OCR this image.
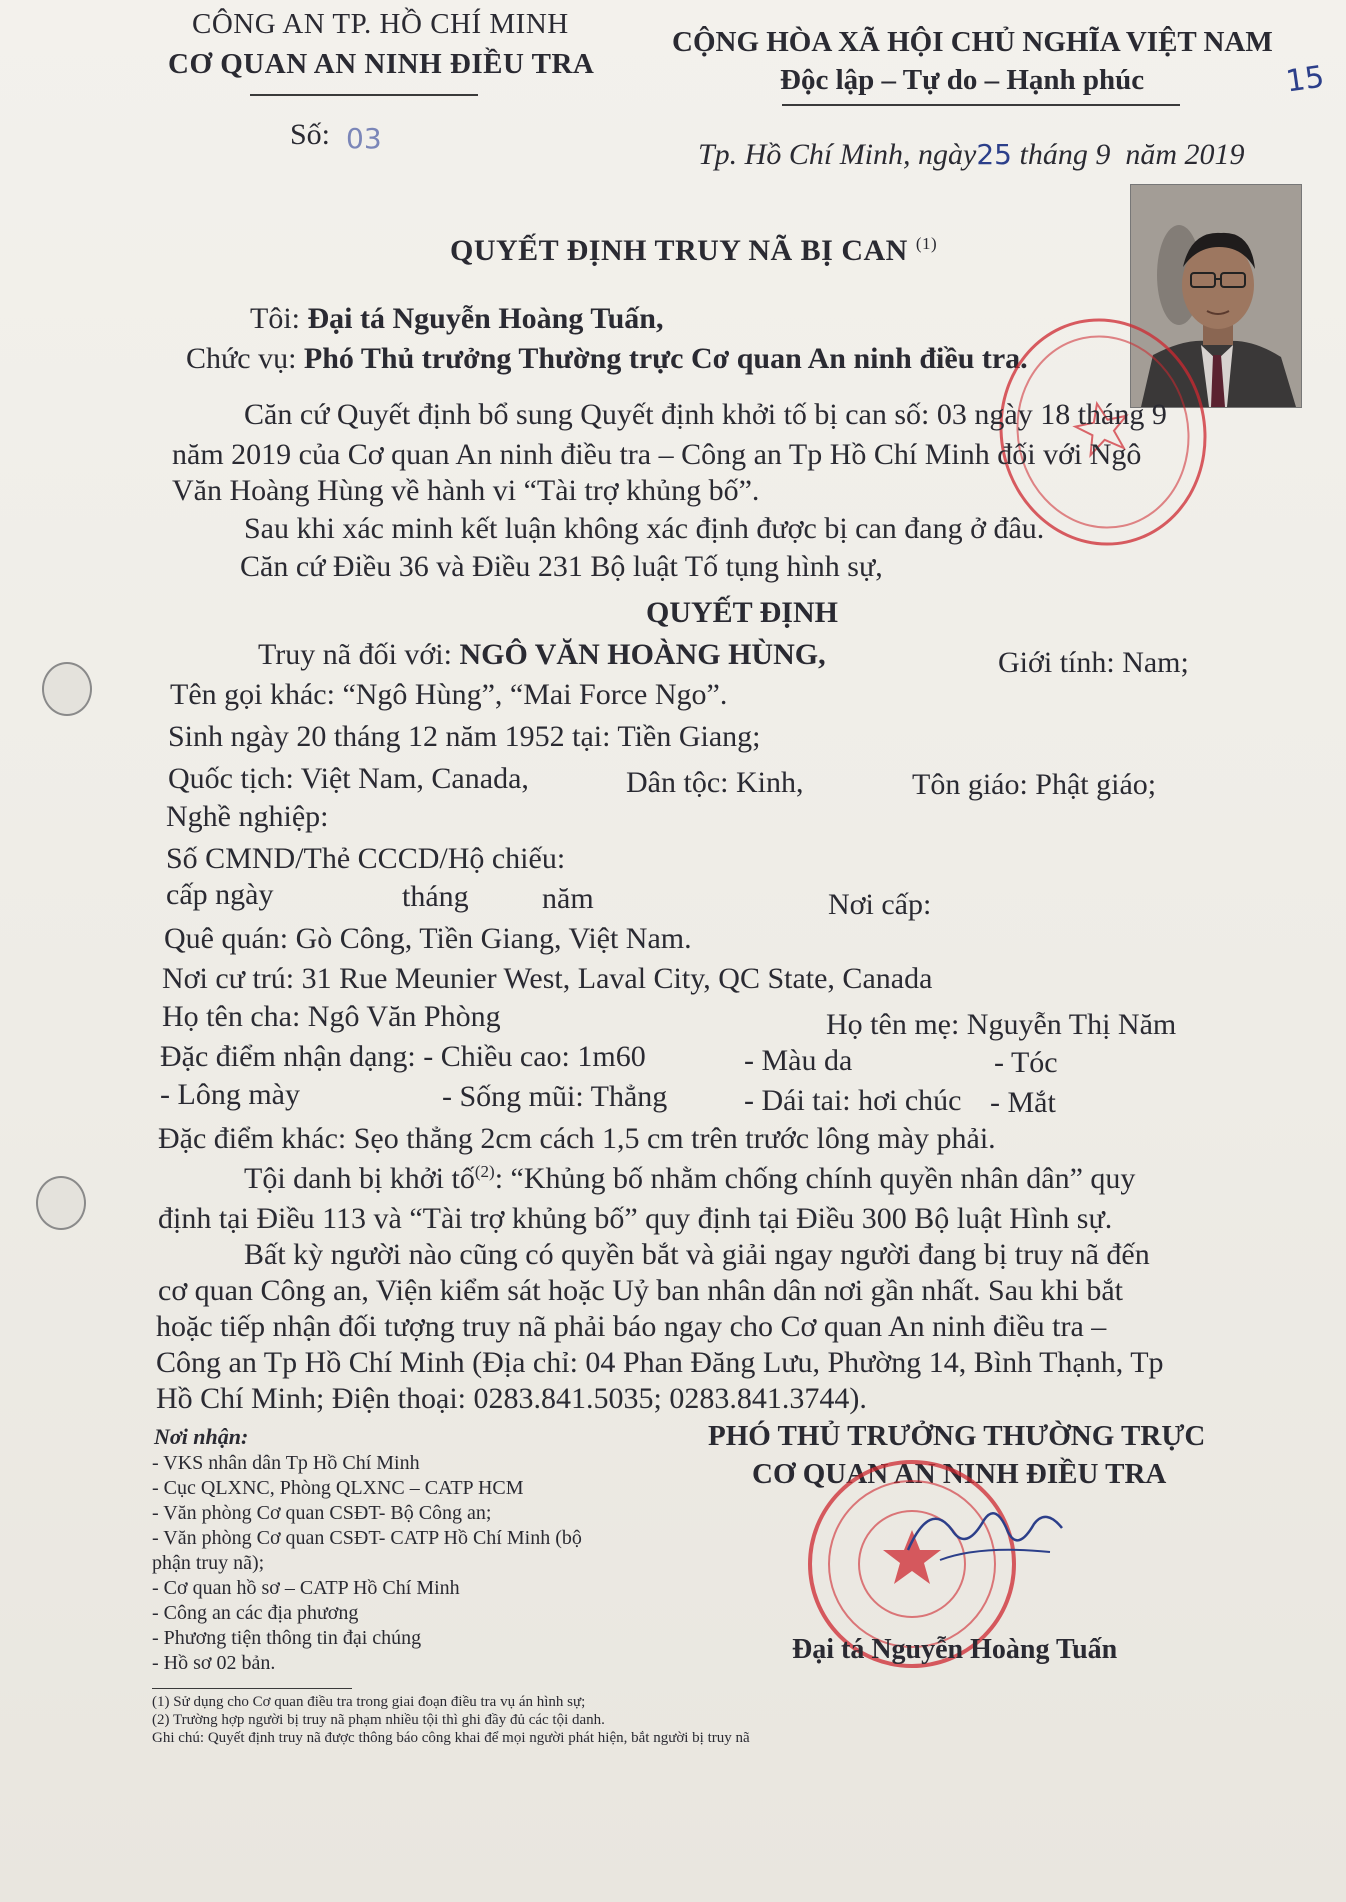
CÔNG AN TP. HỒ CHÍ MINH
CƠ QUAN AN NINH ĐIỀU TRA
Số: 03
CỘNG HÒA XÃ HỘI CHỦ NGHĨA VIỆT NAM
Độc lập – Tự do – Hạnh phúc	15
Tp. Hồ Chí Minh, ngày25 tháng 9 năm 2019
QUYẾT ĐỊNH TRUY NÃ BỊ CAN $^{(1)}$
Tôi: Đại tá Nguyễn Hoàng Tuấn,
Chức vụ: Phó Thủ trưởng Thường trực Cơ quan An ninh điều tra.
Căn cứ Quyết định bổ sung Quyết định khởi tố bị can số: 03 ngày 18 tháng 9
năm 2019 của Cơ quan An ninh điều tra – Công an Tp Hồ Chí Minh đối với Ngô
Văn Hoàng Hùng về hành vi “Tài trợ khủng bố”.
Sau khi xác minh kết luận không xác định được bị can đang ở đâu.
Căn cứ Điều 36 và Điều 231 Bộ luật Tố tụng hình sự,
QUYẾT ĐỊNH
Truy nã đối với: NGÔ VĂN HOÀNG HÙNG,	Giới tính: Nam;
Tên gọi khác: “Ngô Hùng”, “Mai Force Ngo”.
Sinh ngày 20 tháng 12 năm 1952 tại: Tiền Giang;
Quốc tịch: Việt Nam, Canada,	Dân tộc: Kinh,	Tôn giáo: Phật giáo;
Nghề nghiệp:
Số CMND/Thẻ CCCD/Hộ chiếu:
cấp ngày	tháng năm	Nơi cấp:
Quê quán: Gò Công, Tiền Giang, Việt Nam.
Nơi cư trú: 31 Rue Meunier West, Laval City, QC State, Canada
Họ tên cha: Ngô Văn Phòng	Họ tên mẹ: Nguyễn Thị Năm
Đặc điểm nhận dạng: - Chiều cao: 1m60	- Màu da	- Tóc
- Lông mày	- Sống mũi: Thẳng	- Dái tai: hơi chúc - Mắt
Đặc điểm khác: Sẹo thẳng 2cm cách 1,5 cm trên trước lông mày phải.
Tội danh bị khởi tố$^{(2)}$: “Khủng bố nhằm chống chính quyền nhân dân” quy
định tại Điều 113 và “Tài trợ khủng bố” quy định tại Điều 300 Bộ luật Hình sự.
Bất kỳ người nào cũng có quyền bắt và giải ngay người đang bị truy nã đến
cơ quan Công an, Viện kiểm sát hoặc Uỷ ban nhân dân nơi gần nhất. Sau khi bắt
hoặc tiếp nhận đối tượng truy nã phải báo ngay cho Cơ quan An ninh điều tra –
Công an Tp Hồ Chí Minh (Địa chỉ: 04 Phan Đăng Lưu, Phường 14, Bình Thạnh, Tp
Hồ Chí Minh; Điện thoại: 0283.841.5035; 0283.841.3744).
Nơi nhận:
- VKS nhân dân Tp Hồ Chí Minh
- Cục QLXNC, Phòng QLXNC – CATP HCM
- Văn phòng Cơ quan CSĐT- Bộ Công an;
- Văn phòng Cơ quan CSĐT- CATP Hồ Chí Minh (bộ
phận truy nã);
- Cơ quan hồ sơ – CATP Hồ Chí Minh
- Công an các địa phương
- Phương tiện thông tin đại chúng
- Hồ sơ 02 bản.
PHÓ THỦ TRƯỞNG THƯỜNG TRỰC
CƠ QUAN AN NINH ĐIỀU TRA
Đại tá Nguyễn Hoàng Tuấn
(1) Sử dụng cho Cơ quan điều tra trong giai đoạn điều tra vụ án hình sự;
(2) Trường hợp người bị truy nã phạm nhiều tội thì ghi đầy đủ các tội danh.
Ghi chú: Quyết định truy nã được thông báo công khai để mọi người phát hiện, bắt người bị truy nã
